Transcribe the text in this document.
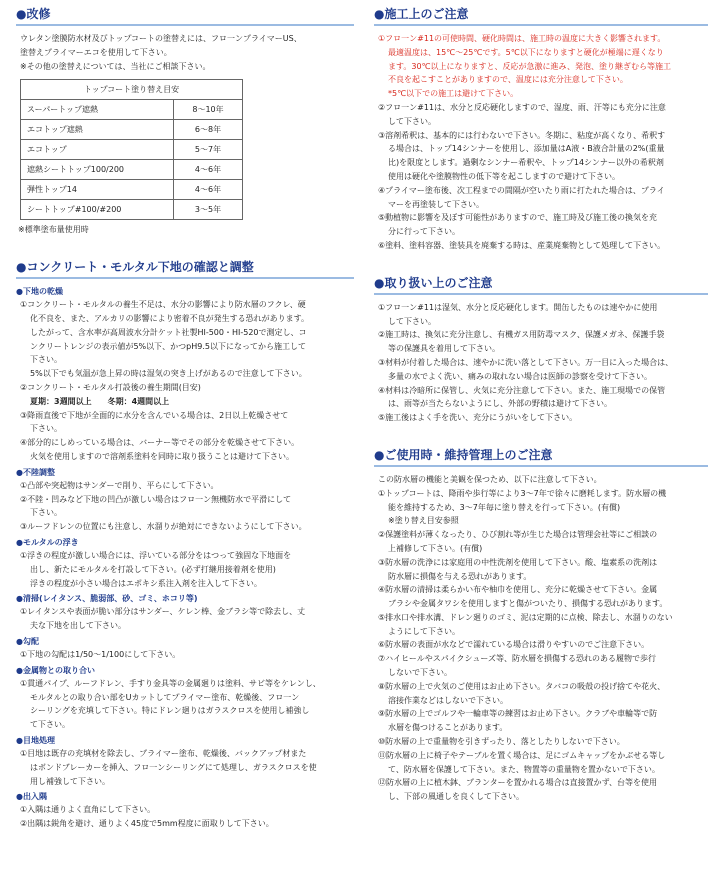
●改修

ウレタン塗膜防水材及びトップコートの塗替えには、フロ一ンプライマーUS、

塗替えプライマーエコを使用して下さい。

※その他の塗替えについては、当社にご相談下さい。

トップコート塗り替え目安	
スーパートップ遮熱	8〜10年
エコトップ遮熱	6〜8年
エコトップ	5〜7年
遮熱シートトップ100/200	4〜6年
弾性トップ14	4〜6年
シートトップ#100/#200	3〜5年
※標準塗布量使用時
●コンクリート・モルタル下地の確認と調整
●下地の乾燥

①コンクリート・モルタルの養生不足は、水分の影響により防水層のフクレ、硬

化不良を、また、アルカリの影響により密着不良が発生する恐れがあります。

したがって、含水率が高周波水分計ケット社製HI-500・HI-520で測定し、コ

ンクリートレンジの表示値が5%以下、かつpH9.5以下になってから施工して

下さい。

5%以下でも気温が急上昇の時は湿気の突き上げがあるので注意して下さい。

②コンクリート・モルタル打設後の養生期間(目安)

夏期：3週間以上　　冬期：4週間以上

③降雨直後で下地が全面的に水分を含んでいる場合は、2日以上乾燥させて

下さい。

④部分的にしめっている場合は、バーナー等でその部分を乾燥させて下さい。

火気を使用しますので溶剤系塗料を同時に取り扱うことは避けて下さい。

●不陸調整

①凸部や突起物はサンダーで削り、平らにして下さい。

②不陸・凹みなど下地の凹凸が激しい場合はフロ一ン無機防水で平滑にして

下さい。

③ルーフドレンの位置にも注意し、水溜りが絶対にできないようにして下さい。

●モルタルの浮き

①浮きの程度が激しい場合には、浮いている部分をはつって強固な下地面を

出し、新たにモルタルを打設して下さい。(必ず打継用接着剤を使用)

浮きの程度が小さい場合はエポキシ系注入剤を注入して下さい。

●清掃(レイタンス、脆弱部、砂、ゴミ、ホコリ等)

①レイタンスや表面が脆い部分はサンダー、ケレン棒、金ブラシ等で除去し、丈

夫な下地を出して下さい。

●勾配

①下地の勾配は1/50〜1/100にして下さい。

●金属物との取り合い

①貫通パイプ、ルーフドレン、手すり金具等の金属廻りは塗料、サビ等をケレンし、

モルタルとの取り合い部をUカットしてプライマー塗布、乾燥後、フロ一ン

シーリングを充填して下さい。特にドレン廻りはガラスクロスを使用し補強し

て下さい。

●目地処理

①目地は既存の充填材を除去し、プライマー塗布、乾燥後、バックアップ材また

はボンドブレーカーを挿入、フロ一ンシーリングにて処理し、ガラスクロスを使

用し補強して下さい。

●出入隅

①入隅は通りよく直角にして下さい。

②出隅は鋭角を避け、通りよく45度で5mm程度に面取りして下さい。

●施工上のご注意

①フロ一ン#11の可使時間、硬化時間は、施工時の温度に大きく影響されます。

最適温度は、15℃〜25℃です。5℃以下になりますと硬化が極端に遅くなり

ます。30℃以上になりますと、反応が急激に進み、発泡、塗り継ぎむら等施工

不良を起こすことがありますので、温度には充分注意して下さい。

*5℃以下での施工は避けて下さい。

②フロ一ン#11は、水分と反応硬化しますので、湿度、雨、汗等にも充分に注意

して下さい。

③溶剤希釈は、基本的には行わないで下さい。冬期に、粘度が高くなり、希釈す

る場合は、トップ14シンナーを使用し、添加量はA液・B液合計量の2%(重量

比)を限度とします。過剰なシンナー希釈や、トップ14シンナー以外の希釈剤

使用は硬化や塗膜物性の低下等を起こしますので避けて下さい。

④プライマー塗布後、次工程までの間隔が空いたり雨に打たれた場合は、プライ

マーを再塗装して下さい。

⑤動植物に影響を及ぼす可能性がありますので、施工時及び施工後の換気を充

分に行って下さい。

⑥塗料、塗料容器、塗装具を廃棄する時は、産業廃棄物として処理して下さい。

●取り扱い上のご注意

①フロ一ン#11は湿気、水分と反応硬化します。開缶したものは速やかに使用

して下さい。

②施工時は、換気に充分注意し、有機ガス用防毒マスク、保護メガネ、保護手袋

等の保護具を着用して下さい。

③材料が付着した場合は、速やかに洗い落として下さい。万一目に入った場合は、

多量の水でよく洗い、痛みの取れない場合は医師の診察を受けて下さい。

④材料は冷暗所に保管し、火気に充分注意して下さい。また、施工現場での保管

は、雨等が当たらないようにし、外部の野積は避けて下さい。

⑤施工後はよく手を洗い、充分にうがいをして下さい。

●ご使用時・維持管理上のご注意

この防水層の機能と美観を保つため、以下に注意して下さい。

①トップコートは、降雨や歩行等により3〜7年で徐々に磨耗します。防水層の機

能を維持するため、3〜7年毎に塗り替えを行って下さい。(有償)

※塗り替え目安参照

②保護塗料が薄くなったり、ひび割れ等が生じた場合は管理会社等にご相談の

上補修して下さい。(有償)

③防水層の洗浄には家庭用の中性洗剤を使用して下さい。酸、塩素系の洗剤は

防水層に損傷を与える恐れがあります。

④防水層の清掃は柔らかい布や柚巾を使用し、充分に乾燥させて下さい。金属

ブラシや金属タワシを使用しますと傷がついたり、損傷する恐れがあります。

⑤排水口や排水溝、ドレン廻りのゴミ、泥は定期的に点検、除去し、水溜りのない

ようにして下さい。

⑥防水層の表面が水などで濡れている場合は滑りやすいのでご注意下さい。

⑦ハイヒールやスパイクシューズ等、防水層を損傷する恐れのある履物で歩行

しないで下さい。

⑧防水層の上で火気のご使用はお止め下さい。タバコの吸殻の投げ捨てや花火、

溶接作業などはしないで下さい。

⑨防水層の上でゴルフや一輪車等の練習はお止め下さい。クラブや車輪等で防

水層を傷つけることがあります。

⑩防水層の上で重量物を引きずったり、落としたりしないで下さい。

⑪防水層の上に椅子やテーブルを置く場合は、足にゴムキャップをかぶせる等し

て、防水層を保護して下さい。また、物置等の重量物を置かないで下さい。

⑫防水層の上に植木鉢、プランターを置かれる場合は直接置かず、台等を使用

し、下部の風通しを良くして下さい。
